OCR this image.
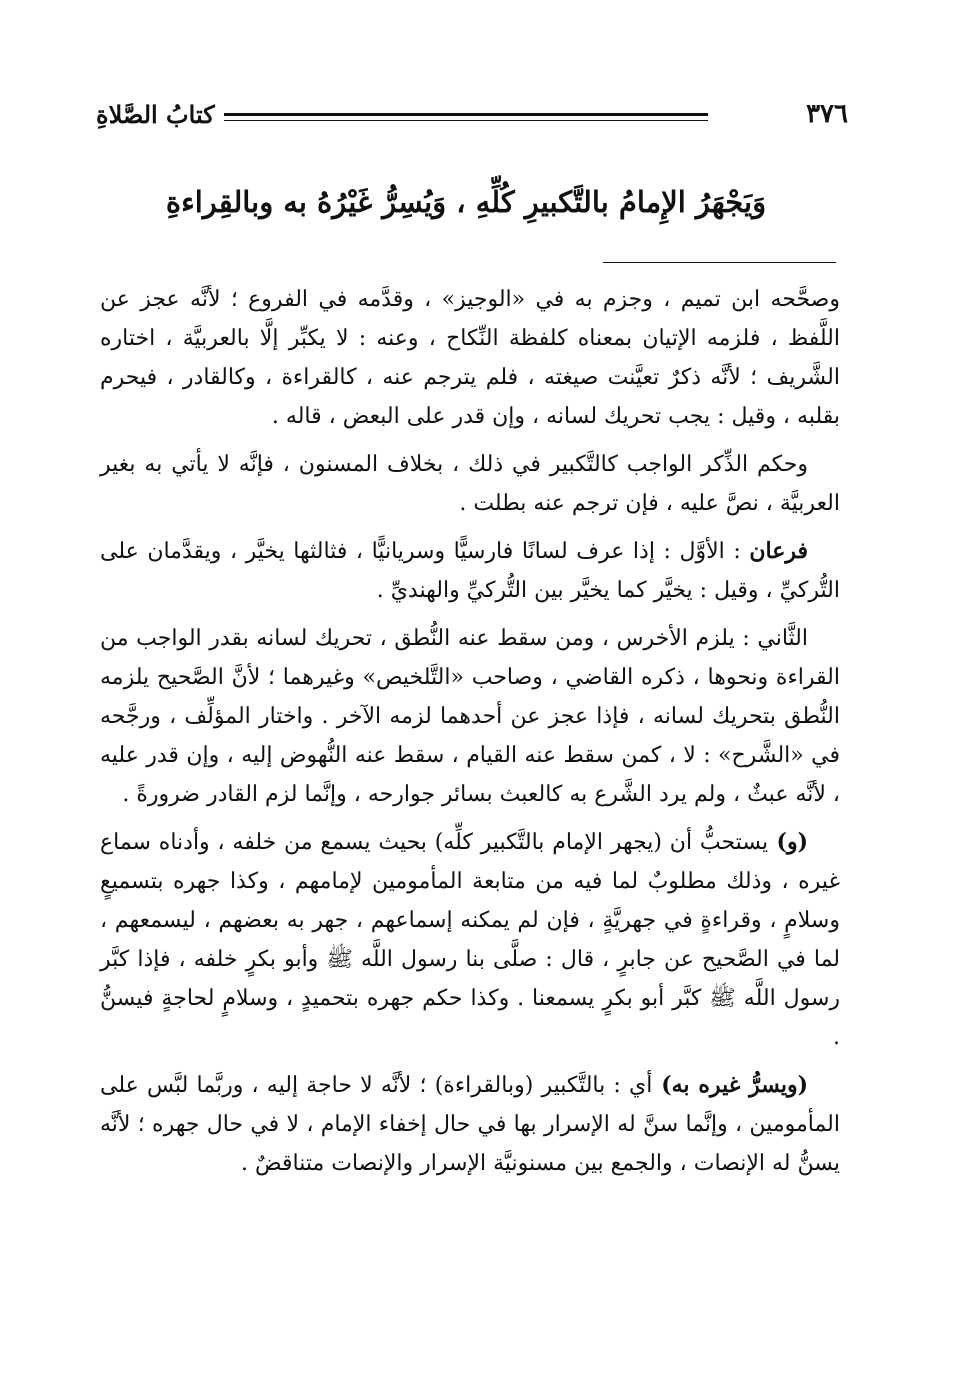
٣٧٦
كتابُ الصَّلاةِ
وَيَجْهَرُ الإِمامُ بالتَّكبيرِ كُلِّهِ ، وَيُسِرُّ غَيْرُهُ به وبالقِراءةِ

وصحَّحه ابن تميم ، وجزم به في «الوجيز» ، وقدَّمه في الفروع ؛ لأنَّه عجز عن اللَّفظ ، فلزمه الإتيان بمعناه كلفظة النِّكاح ، وعنه : لا يكبِّر إلَّا بالعربيَّة ، اختاره الشَّريف ؛ لأنَّه ذكرٌ تعيَّنت صيغته ، فلم يترجم عنه ، كالقراءة ، وكالقادر ، فيحرم بقلبه ، وقيل : يجب تحريك لسانه ، وإن قدر على البعض ، قاله .

وحكم الذِّكر الواجب كالتَّكبير في ذلك ، بخلاف المسنون ، فإنَّه لا يأتي به بغير العربيَّة ، نصَّ عليه ، فإن ترجم عنه بطلت .

فرعان : الأوَّل : إذا عرف لسانًا فارسيًّا وسريانيًّا ، فثالثها يخيَّر ، ويقدَّمان على التُّركيِّ ، وقيل : يخيَّر كما يخيَّر بين التُّركيِّ والهنديِّ .

الثَّاني : يلزم الأخرس ، ومن سقط عنه النُّطق ، تحريك لسانه بقدر الواجب من القراءة ونحوها ، ذكره القاضي ، وصاحب «التَّلخيص» وغيرهما ؛ لأنَّ الصَّحيح يلزمه النُّطق بتحريك لسانه ، فإذا عجز عن أحدهما لزمه الآخر . واختار المؤلِّف ، ورجَّحه في «الشَّرح» : لا ، كمن سقط عنه القيام ، سقط عنه النُّهوض إليه ، وإن قدر عليه ، لأنَّه عبثٌ ، ولم يرد الشَّرع به كالعبث بسائر جوارحه ، وإنَّما لزم القادر ضرورةً .

(و) يستحبُّ أن (يجهر الإمام بالتَّكبير كلِّه) بحيث يسمع من خلفه ، وأدناه سماع غيره ، وذلك مطلوبٌ لما فيه من متابعة المأمومين لإمامهم ، وكذا جهره بتسميعٍ وسلامٍ ، وقراءةٍ في جهريَّةٍ ، فإن لم يمكنه إسماعهم ، جهر به بعضهم ، ليسمعهم ، لما في الصَّحيح عن جابرٍ ، قال : صلَّى بنا رسول اللَّه ﷺ وأبو بكرٍ خلفه ، فإذا كبَّر رسول اللَّه ﷺ كبَّر أبو بكرٍ يسمعنا . وكذا حكم جهره بتحميدٍ ، وسلامٍ لحاجةٍ فيسنُّ .

(ويسرُّ غيره به) أي : بالتَّكبير (وبالقراءة) ؛ لأنَّه لا حاجة إليه ، وربَّما لبَّس على المأمومين ، وإنَّما سنَّ له الإسرار بها في حال إخفاء الإمام ، لا في حال جهره ؛ لأنَّه يسنُّ له الإنصات ، والجمع بين مسنونيَّة الإسرار والإنصات متناقضٌ .
